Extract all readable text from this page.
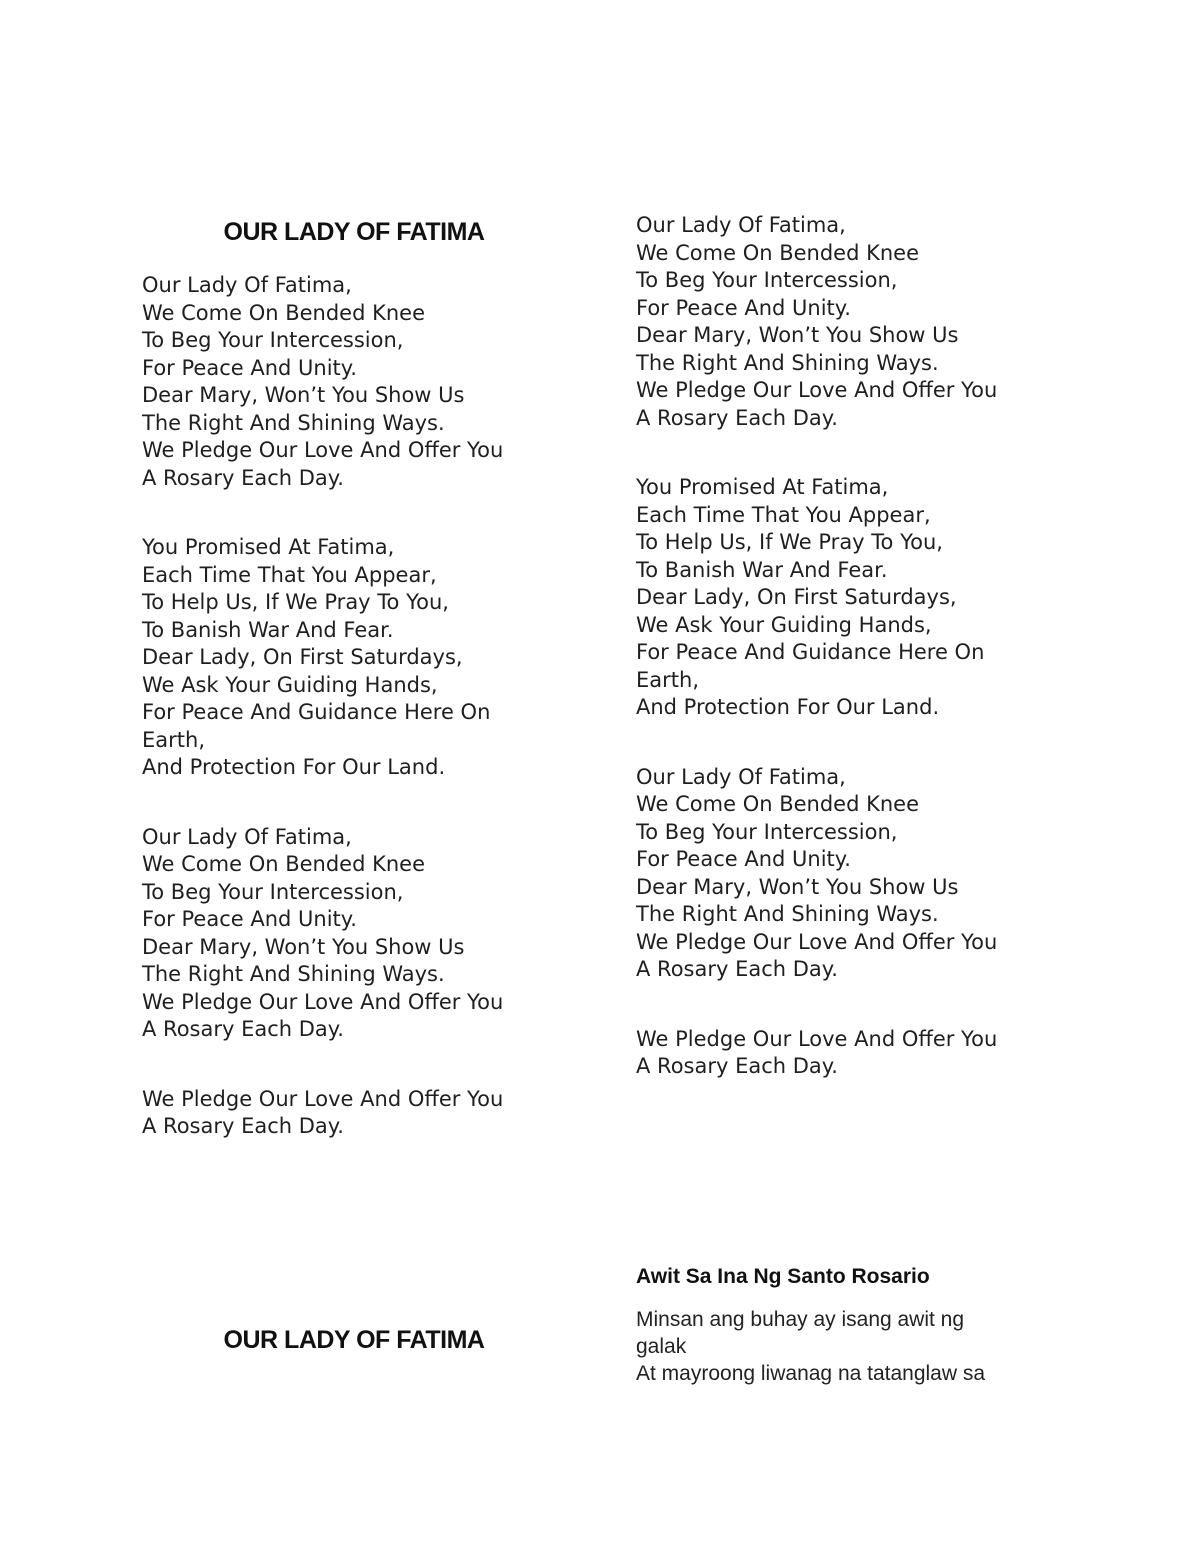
OUR LADY OF FATIMA

Our Lady Of Fatima,
We Come On Bended Knee
To Beg Your Intercession,
For Peace And Unity.
Dear Mary, Won’t You Show Us
The Right And Shining Ways.
We Pledge Our Love And Offer You
A Rosary Each Day.

You Promised At Fatima,
Each Time That You Appear,
To Help Us, If We Pray To You,
To Banish War And Fear.
Dear Lady, On First Saturdays,
We Ask Your Guiding Hands,
For Peace And Guidance Here On
Earth,
And Protection For Our Land.

Our Lady Of Fatima,
We Come On Bended Knee
To Beg Your Intercession,
For Peace And Unity.
Dear Mary, Won’t You Show Us
The Right And Shining Ways.
We Pledge Our Love And Offer You
A Rosary Each Day.

We Pledge Our Love And Offer You
A Rosary Each Day.

Our Lady Of Fatima,
We Come On Bended Knee
To Beg Your Intercession,
For Peace And Unity.
Dear Mary, Won’t You Show Us
The Right And Shining Ways.
We Pledge Our Love And Offer You
A Rosary Each Day.

You Promised At Fatima,
Each Time That You Appear,
To Help Us, If We Pray To You,
To Banish War And Fear.
Dear Lady, On First Saturdays,
We Ask Your Guiding Hands,
For Peace And Guidance Here On
Earth,
And Protection For Our Land.

Our Lady Of Fatima,
We Come On Bended Knee
To Beg Your Intercession,
For Peace And Unity.
Dear Mary, Won’t You Show Us
The Right And Shining Ways.
We Pledge Our Love And Offer You
A Rosary Each Day.

We Pledge Our Love And Offer You
A Rosary Each Day.

OUR LADY OF FATIMA
Awit Sa Ina Ng Santo Rosario

Minsan ang buhay ay isang awit ng
galak
At mayroong liwanag na tatanglaw sa
